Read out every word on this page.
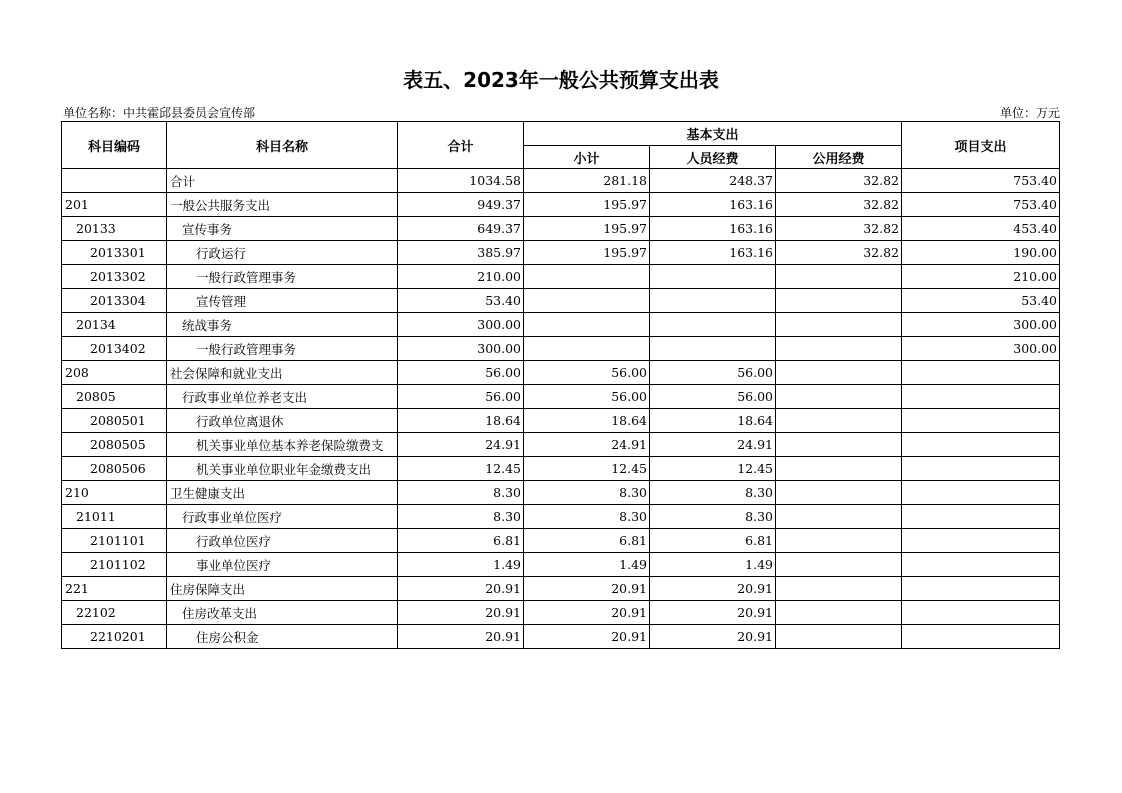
表五、2023年一般公共预算支出表
单位名称：中共霍邱县委员会宣传部	单位：万元
科目编码	科目名称	合计	基本支出			项目支出
			小计	人员经费	公用经费	
	合计	1034.58	281.18	248.37	32.82	753.40
201	一般公共服务支出	949.37	195.97	163.16	32.82	753.40
20133	宣传事务	649.37	195.97	163.16	32.82	453.40
2013301	行政运行	385.97	195.97	163.16	32.82	190.00
2013302	一般行政管理事务	210.00				210.00
2013304	宣传管理	53.40				53.40
20134	统战事务	300.00				300.00
2013402	一般行政管理事务	300.00				300.00
208	社会保障和就业支出	56.00	56.00	56.00		
20805	行政事业单位养老支出	56.00	56.00	56.00		
2080501	行政单位离退休	18.64	18.64	18.64		
2080505	机关事业单位基本养老保险缴费支	24.91	24.91	24.91		
2080506	机关事业单位职业年金缴费支出	12.45	12.45	12.45		
210	卫生健康支出	8.30	8.30	8.30		
21011	行政事业单位医疗	8.30	8.30	8.30		
2101101	行政单位医疗	6.81	6.81	6.81		
2101102	事业单位医疗	1.49	1.49	1.49		
221	住房保障支出	20.91	20.91	20.91		
22102	住房改革支出	20.91	20.91	20.91		
2210201	住房公积金	20.91	20.91	20.91		
